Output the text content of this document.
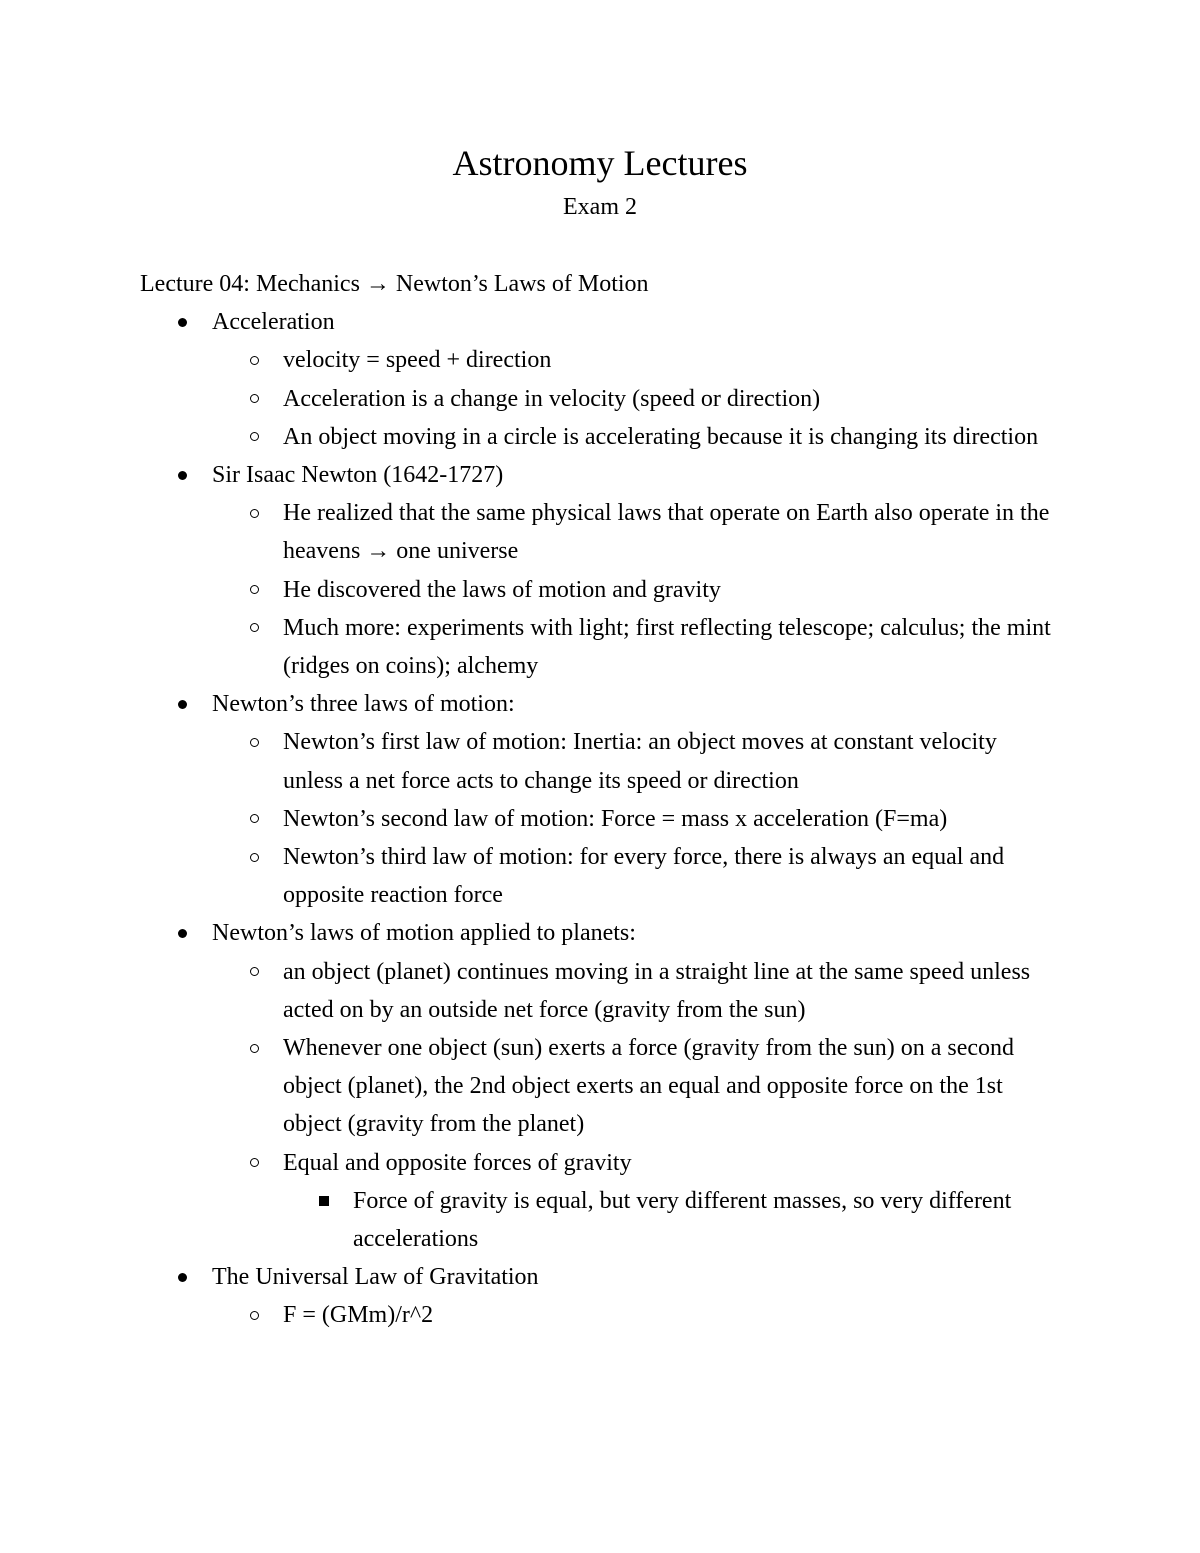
Astronomy Lectures
Exam 2
Lecture 04: Mechanics → Newton’s Laws of Motion
Acceleration
velocity = speed + direction
Acceleration is a change in velocity (speed or direction)
An object moving in a circle is accelerating because it is changing its direction
Sir Isaac Newton (1642-1727)
He realized that the same physical laws that operate on Earth also operate in the heavens → one universe
He discovered the laws of motion and gravity
Much more: experiments with light; first reflecting telescope; calculus; the mint (ridges on coins); alchemy
Newton’s three laws of motion:
Newton’s first law of motion: Inertia: an object moves at constant velocity unless a net force acts to change its speed or direction
Newton’s second law of motion: Force = mass x acceleration (F=ma)
Newton’s third law of motion: for every force, there is always an equal and opposite reaction force
Newton’s laws of motion applied to planets:
an object (planet) continues moving in a straight line at the same speed unless acted on by an outside net force (gravity from the sun)
Whenever one object (sun) exerts a force (gravity from the sun) on a second object (planet), the 2nd object exerts an equal and opposite force on the 1st object (gravity from the planet)
Equal and opposite forces of gravity
Force of gravity is equal, but very different masses, so very different accelerations
The Universal Law of Gravitation
F = (GMm)/r^2
